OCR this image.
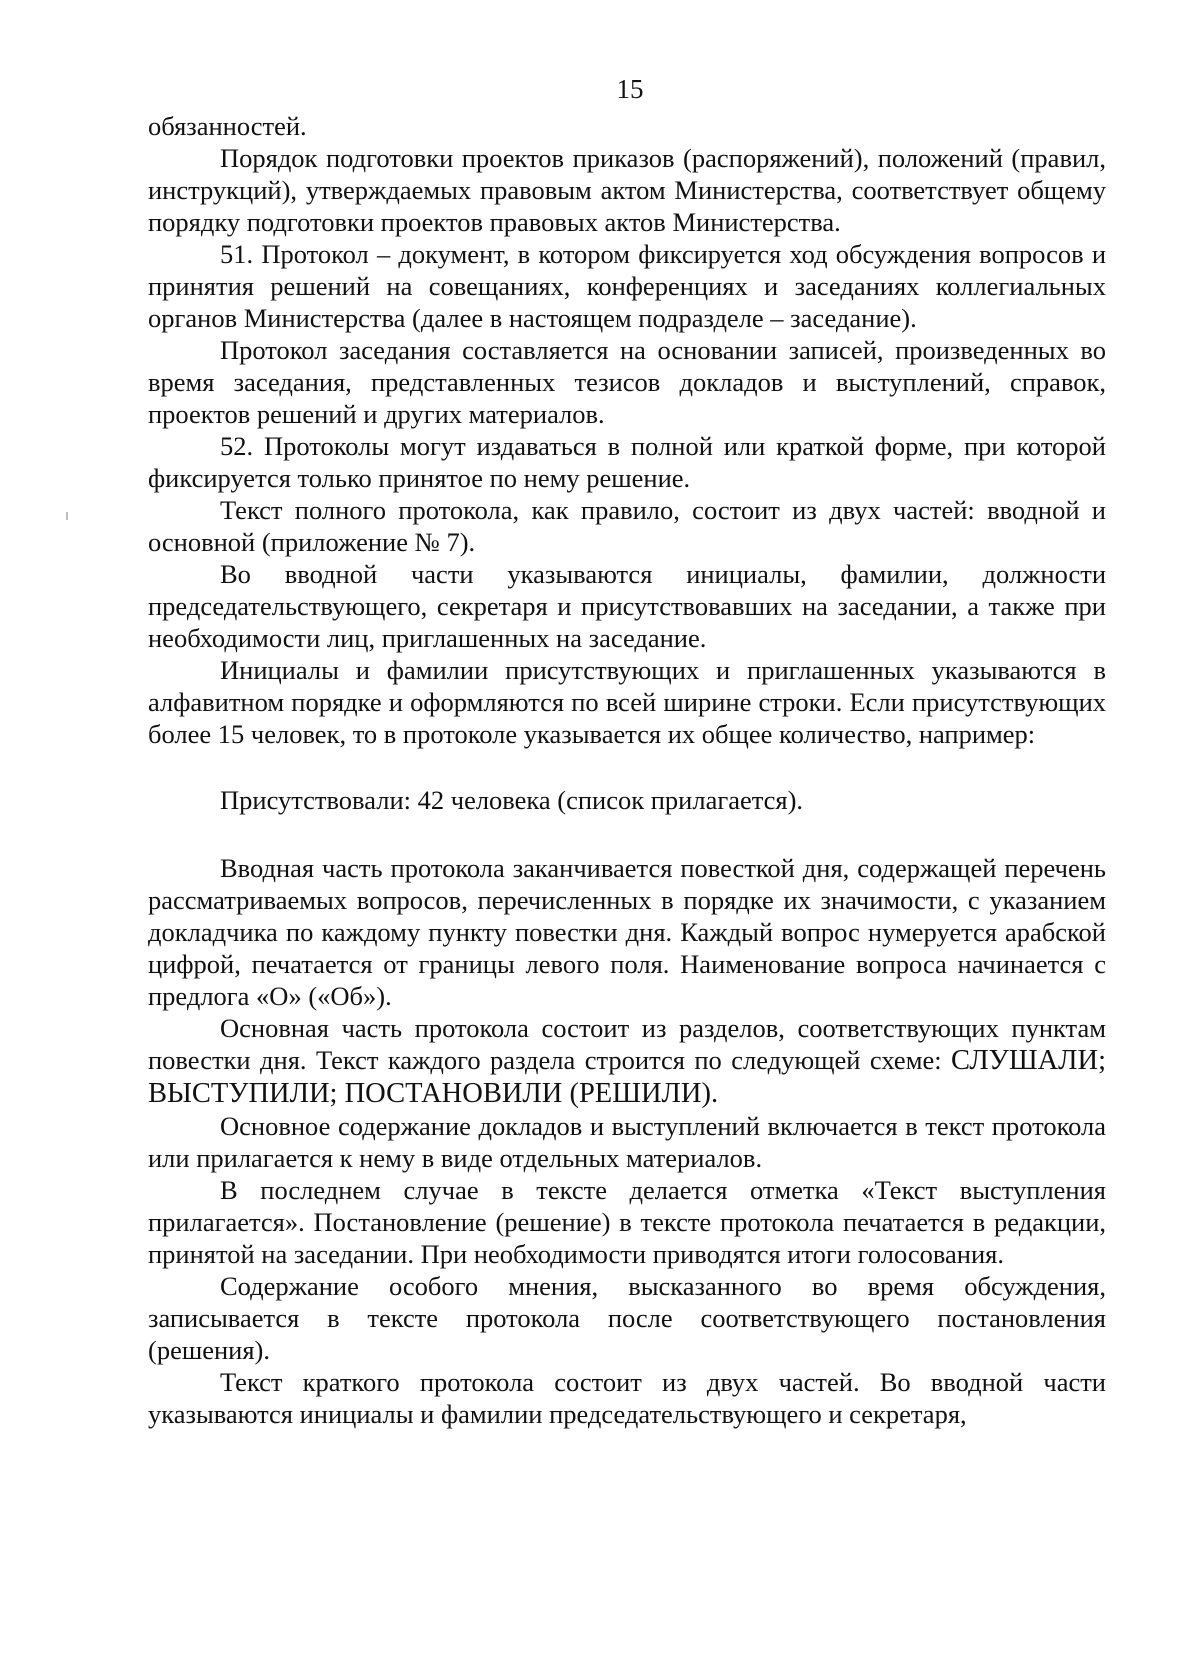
15

обязанностей.

Порядок подготовки проектов приказов (распоряжений), положений (правил, инструкций), утверждаемых правовым актом Министерства, соответствует общему порядку подготовки проектов правовых актов Министерства.

51. Протокол – документ, в котором фиксируется ход обсуждения вопросов и принятия решений на совещаниях, конференциях и заседаниях коллегиальных органов Министерства (далее в настоящем подразделе – заседание).

Протокол заседания составляется на основании записей, произведенных во время заседания, представленных тезисов докладов и выступлений, справок, проектов решений и других материалов.

52. Протоколы могут издаваться в полной или краткой форме, при которой фиксируется только принятое по нему решение.

Текст полного протокола, как правило, состоит из двух частей: вводной и основной (приложение № 7).

Во вводной части указываются инициалы, фамилии, должности председательствующего, секретаря и присутствовавших на заседании, а также при необходимости лиц, приглашенных на заседание.

Инициалы и фамилии присутствующих и приглашенных указываются в алфавитном порядке и оформляются по всей ширине строки. Если присутствующих более 15 человек, то в протоколе указывается их общее количество, например:

Присутствовали: 42 человека (список прилагается).

Вводная часть протокола заканчивается повесткой дня, содержащей перечень рассматриваемых вопросов, перечисленных в порядке их значимости, с указанием докладчика по каждому пункту повестки дня. Каждый вопрос нумеруется арабской цифрой, печатается от границы левого поля. Наименование вопроса начинается с предлога «О» («Об»).

Основная часть протокола состоит из разделов, соответствующих пунктам повестки дня. Текст каждого раздела строится по следующей схеме: СЛУШАЛИ; ВЫСТУПИЛИ; ПОСТАНОВИЛИ (РЕШИЛИ).

Основное содержание докладов и выступлений включается в текст протокола или прилагается к нему в виде отдельных материалов.

В последнем случае в тексте делается отметка «Текст выступления прилагается». Постановление (решение) в тексте протокола печатается в редакции, принятой на заседании. При необходимости приводятся итоги голосования.

Содержание особого мнения, высказанного во время обсуждения, записывается в тексте протокола после соответствующего постановления (решения).

Текст краткого протокола состоит из двух частей. Во вводной части указываются инициалы и фамилии председательствующего и секретаря,
